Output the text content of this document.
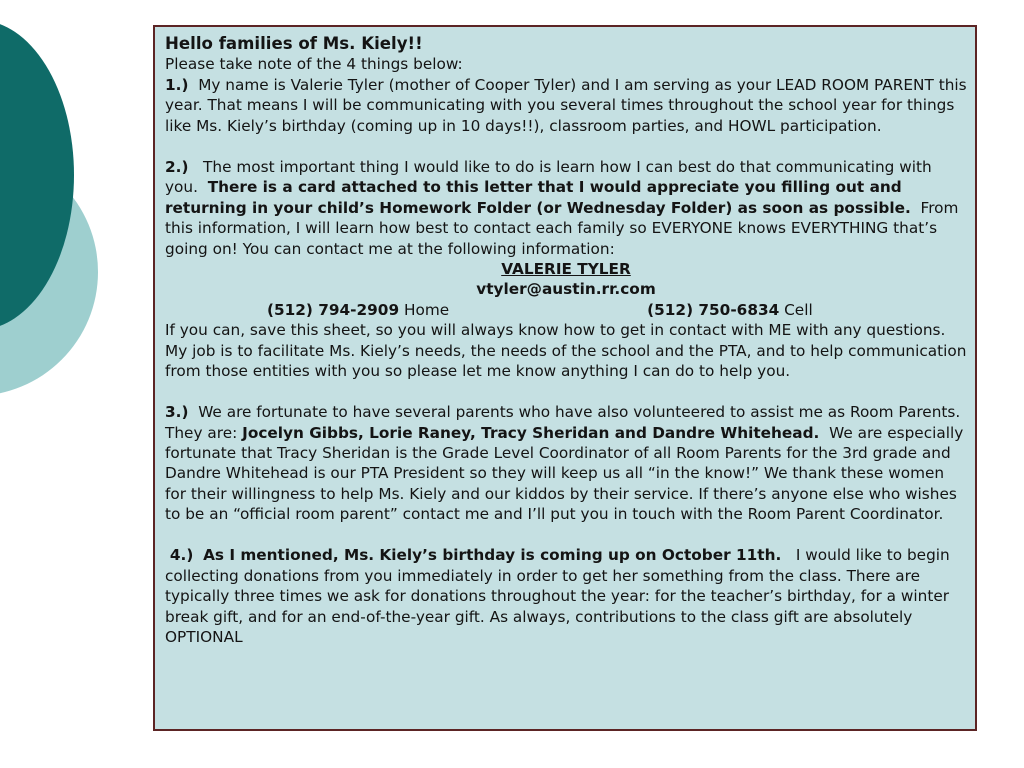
Hello families of Ms. Kiely!!

Please take note of the 4 things below:

1.) My name is Valerie Tyler (mother of Cooper Tyler) and I am serving as your LEAD ROOM PARENT this year. That means I will be communicating with you several times throughout the school year for things like Ms. Kiely’s birthday (coming up in 10 days!!), classroom parties, and HOWL participation.

2.) The most important thing I would like to do is learn how I can best do that communicating with you. There is a card attached to this letter that I would appreciate you filling out and returning in your child’s Homework Folder (or Wednesday Folder) as soon as possible. From this information, I will learn how best to contact each family so EVERYONE knows EVERYTHING that’s going on! You can contact me at the following information:

VALERIE TYLER

vtyler@austin.rr.com

(512) 794-2909 Home	(512) 750-6834 Cell

If you can, save this sheet, so you will always know how to get in contact with ME with any questions. My job is to facilitate Ms. Kiely’s needs, the needs of the school and the PTA, and to help communication from those entities with you so please let me know anything I can do to help you.

3.) We are fortunate to have several parents who have also volunteered to assist me as Room Parents. They are: Jocelyn Gibbs, Lorie Raney, Tracy Sheridan and Dandre Whitehead. We are especially fortunate that Tracy Sheridan is the Grade Level Coordinator of all Room Parents for the 3rd grade and Dandre Whitehead is our PTA President so they will keep us all “in the know!” We thank these women for their willingness to help Ms. Kiely and our kiddos by their service. If there’s anyone else who wishes to be an “official room parent” contact me and I’ll put you in touch with the Room Parent Coordinator.

4.) As I mentioned, Ms. Kiely’s birthday is coming up on October 11th. I would like to begin collecting donations from you immediately in order to get her something from the class. There are typically three times we ask for donations throughout the year: for the teacher’s birthday, for a winter break gift, and for an end-of-the-year gift. As always, contributions to the class gift are absolutely OPTIONAL
